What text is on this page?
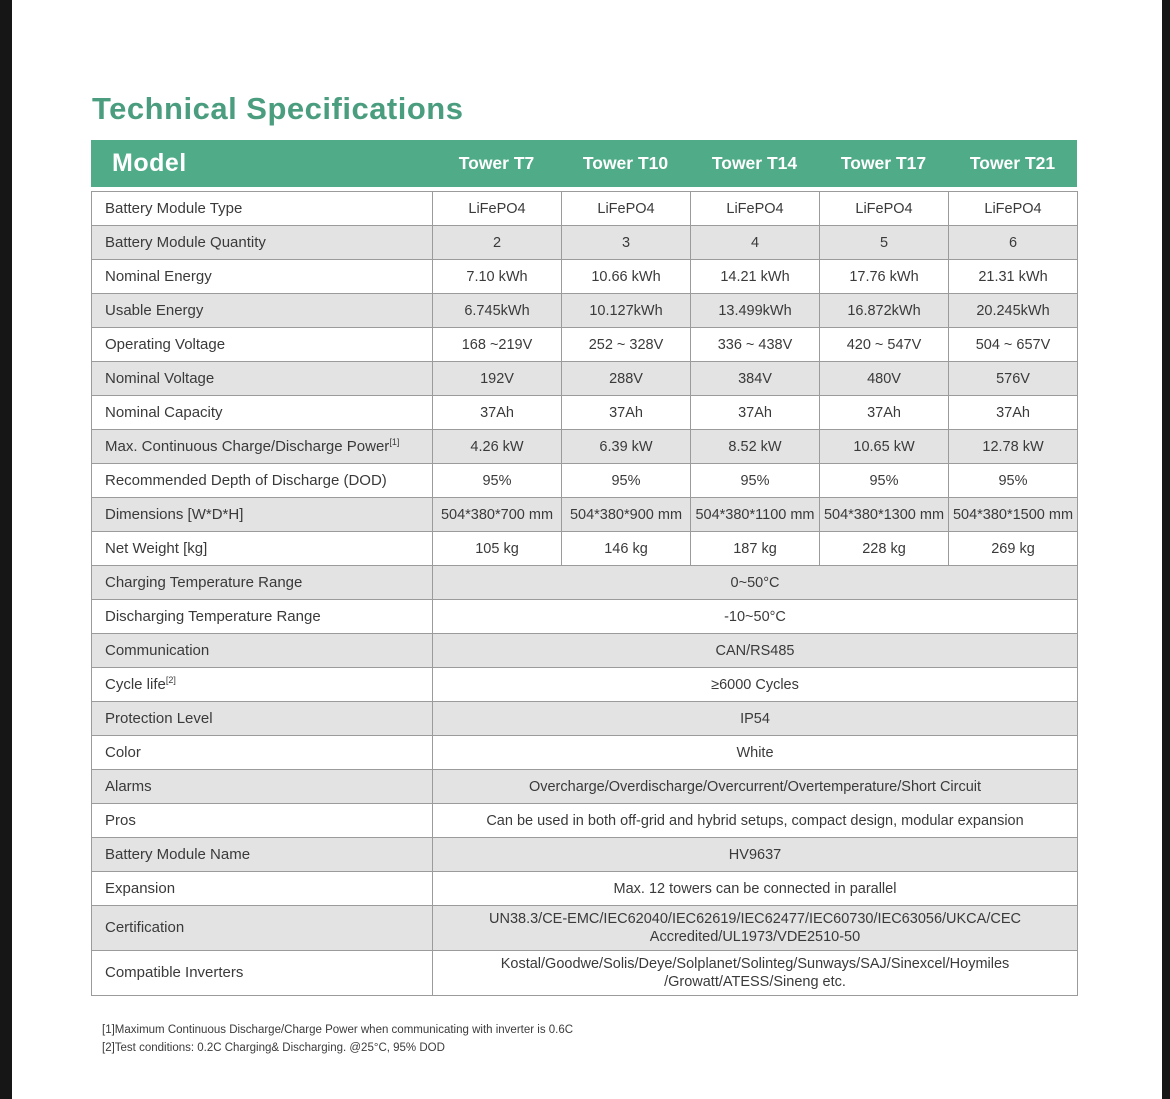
Technical Specifications
Model	Tower T7	Tower T10	Tower T14	Tower T17	Tower T21
Battery Module Type	LiFePO4	LiFePO4	LiFePO4	LiFePO4	LiFePO4
Battery Module Quantity	2	3	4	5	6
Nominal Energy	7.10 kWh	10.66 kWh	14.21 kWh	17.76 kWh	21.31 kWh
Usable Energy	6.745kWh	10.127kWh	13.499kWh	16.872kWh	20.245kWh
Operating Voltage	168 ~219V	252 ~ 328V	336 ~ 438V	420 ~ 547V	504 ~ 657V
Nominal Voltage	192V	288V	384V	480V	576V
Nominal Capacity	37Ah	37Ah	37Ah	37Ah	37Ah
Max. Continuous Charge/Discharge Power[1]	4.26 kW	6.39 kW	8.52 kW	10.65 kW	12.78 kW
Recommended Depth of Discharge (DOD)	95%	95%	95%	95%	95%
Dimensions [W*D*H]	504*380*700 mm	504*380*900 mm	504*380*1100 mm	504*380*1300 mm	504*380*1500 mm
Net Weight [kg]	105 kg	146 kg	187 kg	228 kg	269 kg
Charging Temperature Range	0~50°C				
Discharging Temperature Range	-10~50°C				
Communication	CAN/RS485				
Cycle life[2]	≥6000 Cycles				
Protection Level	IP54				
Color	White				
Alarms	Overcharge/Overdischarge/Overcurrent/Overtemperature/Short Circuit				
Pros	Can be used in both off-grid and hybrid setups, compact design, modular expansion				
Battery Module Name	HV9637				
Expansion	Max. 12 towers can be connected in parallel				
Certification	UN38.3/CE-EMC/IEC62040/IEC62619/IEC62477/IEC60730/IEC63056/UKCA/CEC Accredited/UL1973/VDE2510-50				
Compatible Inverters	Kostal/Goodwe/Solis/Deye/Solplanet/Solinteg/Sunways/SAJ/Sinexcel/Hoymiles /Growatt/ATESS/Sineng etc.				
[1]Maximum Continuous Discharge/Charge Power when communicating with inverter is 0.6C
[2]Test conditions: 0.2C Charging& Discharging. @25°C, 95% DOD
